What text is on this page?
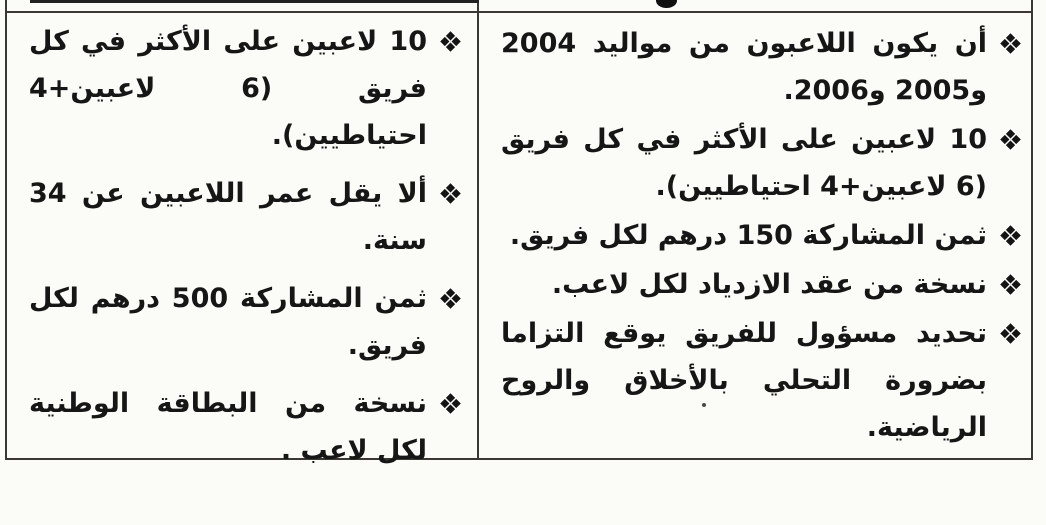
أن يكون اللاعبون من مواليد 2004 و2005 و2006.
10 لاعبين على الأكثر في كل فريق (6 لاعبين+4 احتياطيين).
ثمن المشاركة 150 درهم لكل فريق.
نسخة من عقد الازدياد لكل لاعب.
تحديد مسؤول للفريق يوقع التزاما بضرورة التحلي بالأخلاق والروح الرياضية.
10 لاعبين على الأكثر في كل فريق (6 لاعبين+4 احتياطيين).
ألا يقل عمر اللاعبين عن 34 سنة.
ثمن المشاركة 500 درهم لكل فريق.
نسخة من البطاقة الوطنية لكل لاعب .
